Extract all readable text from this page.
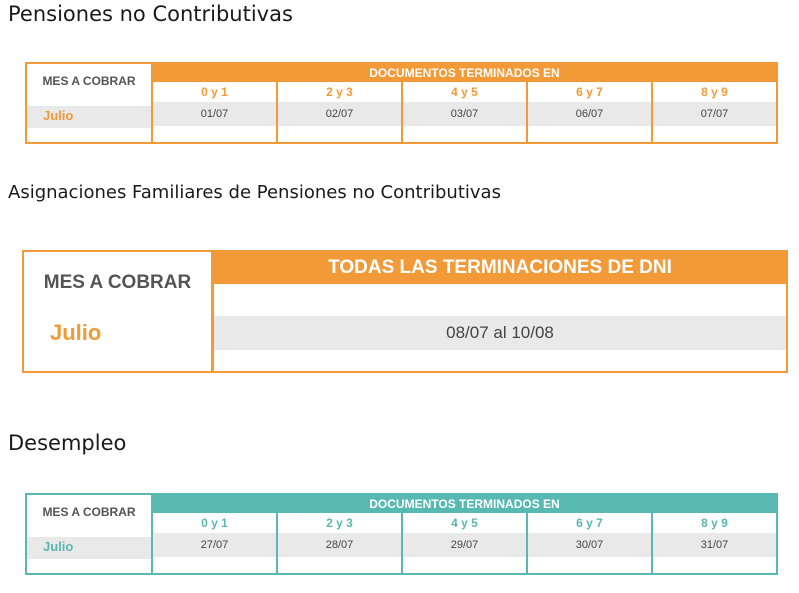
Pensiones no Contributivas
MES A COBRAR
Julio
DOCUMENTOS TERMINADOS EN
0 y 1
01/07
2 y 3
02/07
4 y 5
03/07
6 y 7
06/07
8 y 9
07/07
Asignaciones Familiares de Pensiones no Contributivas
MES A COBRAR
Julio
TODAS LAS TERMINACIONES DE DNI
08/07 al 10/08
Desempleo
MES A COBRAR
Julio
DOCUMENTOS TERMINADOS EN
0 y 1
27/07
2 y 3
28/07
4 y 5
29/07
6 y 7
30/07
8 y 9
31/07
